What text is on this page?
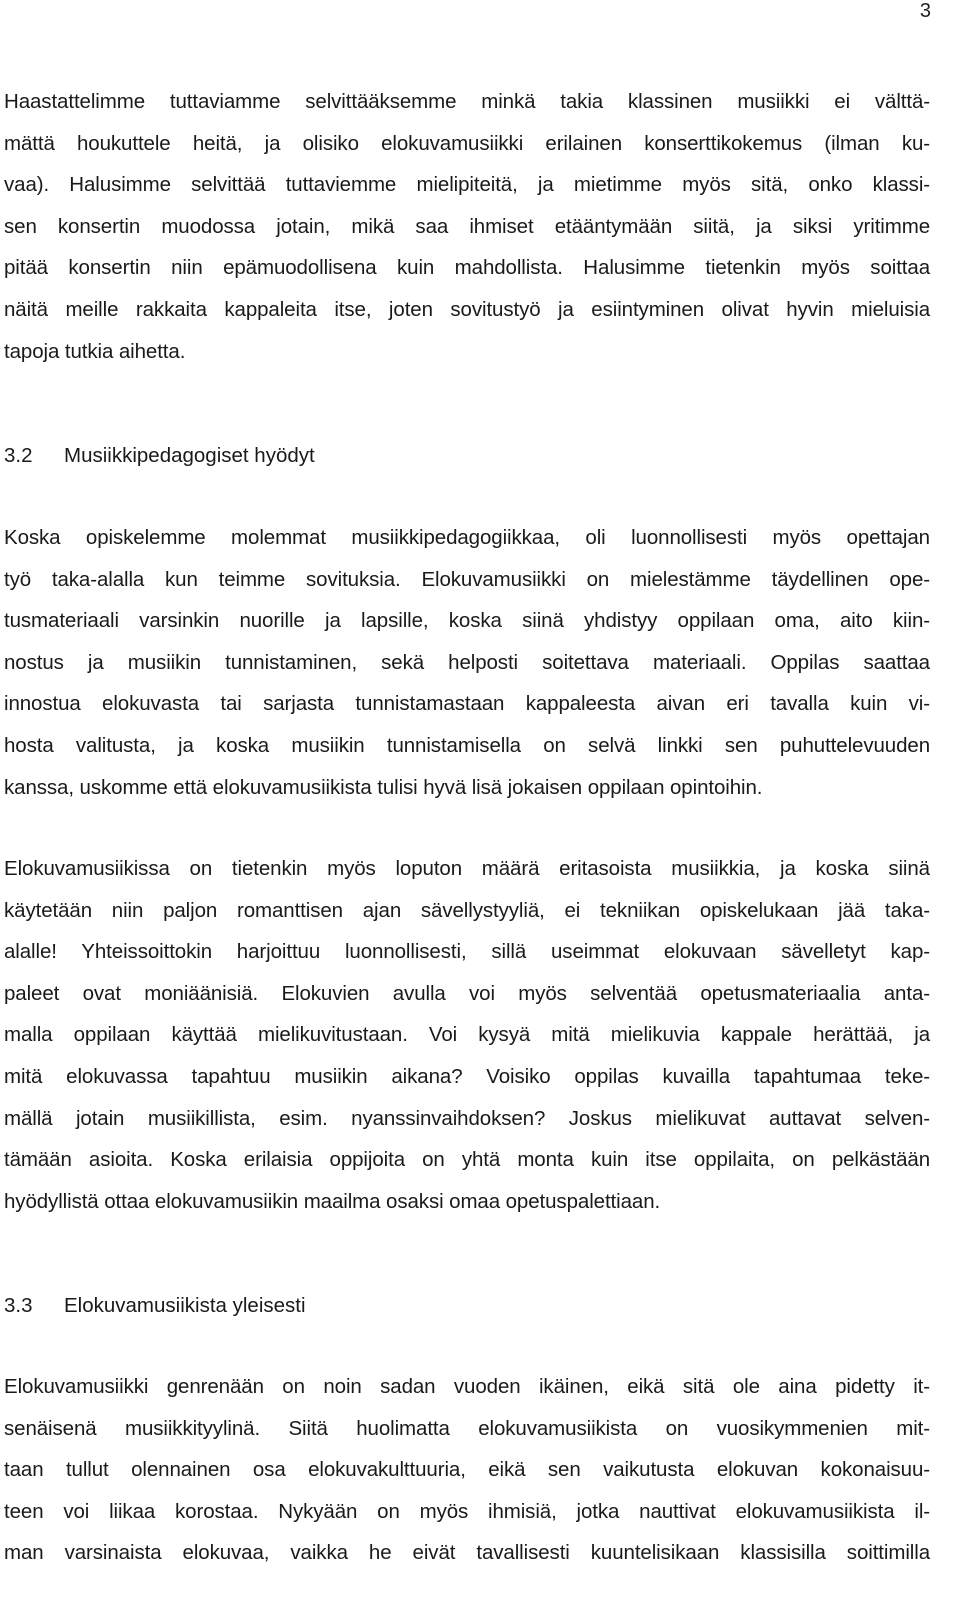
3
Haastattelimme tuttaviamme selvittääksemme minkä takia klassinen musiikki ei välttä-
mättä houkuttele heitä, ja olisiko elokuvamusiikki erilainen konserttikokemus (ilman ku-
vaa). Halusimme selvittää tuttaviemme mielipiteitä, ja mietimme myös sitä, onko klassi-
sen konsertin muodossa jotain, mikä saa ihmiset etääntymään siitä, ja siksi yritimme
pitää konsertin niin epämuodollisena kuin mahdollista. Halusimme tietenkin myös soittaa
näitä meille rakkaita kappaleita itse, joten sovitustyö ja esiintyminen olivat hyvin mieluisia
tapoja tutkia aihetta.
3.2 Musiikkipedagogiset hyödyt
Koska opiskelemme molemmat musiikkipedagogiikkaa, oli luonnollisesti myös opettajan
työ taka-alalla kun teimme sovituksia. Elokuvamusiikki on mielestämme täydellinen ope-
tusmateriaali varsinkin nuorille ja lapsille, koska siinä yhdistyy oppilaan oma, aito kiin-
nostus ja musiikin tunnistaminen, sekä helposti soitettava materiaali. Oppilas saattaa
innostua elokuvasta tai sarjasta tunnistamastaan kappaleesta aivan eri tavalla kuin vi-
hosta valitusta, ja koska musiikin tunnistamisella on selvä linkki sen puhuttelevuuden
kanssa, uskomme että elokuvamusiikista tulisi hyvä lisä jokaisen oppilaan opintoihin.
Elokuvamusiikissa on tietenkin myös loputon määrä eritasoista musiikkia, ja koska siinä
käytetään niin paljon romanttisen ajan sävellystyyliä, ei tekniikan opiskelukaan jää taka-
alalle! Yhteissoittokin harjoittuu luonnollisesti, sillä useimmat elokuvaan sävelletyt kap-
paleet ovat moniäänisiä. Elokuvien avulla voi myös selventää opetusmateriaalia anta-
malla oppilaan käyttää mielikuvitustaan. Voi kysyä mitä mielikuvia kappale herättää, ja
mitä elokuvassa tapahtuu musiikin aikana? Voisiko oppilas kuvailla tapahtumaa teke-
mällä jotain musiikillista, esim. nyanssinvaihdoksen? Joskus mielikuvat auttavat selven-
tämään asioita. Koska erilaisia oppijoita on yhtä monta kuin itse oppilaita, on pelkästään
hyödyllistä ottaa elokuvamusiikin maailma osaksi omaa opetuspalettiaan.
3.3 Elokuvamusiikista yleisesti
Elokuvamusiikki genrenään on noin sadan vuoden ikäinen, eikä sitä ole aina pidetty it-
senäisenä musiikkityylinä. Siitä huolimatta elokuvamusiikista on vuosikymmenien mit-
taan tullut olennainen osa elokuvakulttuuria, eikä sen vaikutusta elokuvan kokonaisuu-
teen voi liikaa korostaa. Nykyään on myös ihmisiä, jotka nauttivat elokuvamusiikista il-
man varsinaista elokuvaa, vaikka he eivät tavallisesti kuuntelisikaan klassisilla soittimilla
